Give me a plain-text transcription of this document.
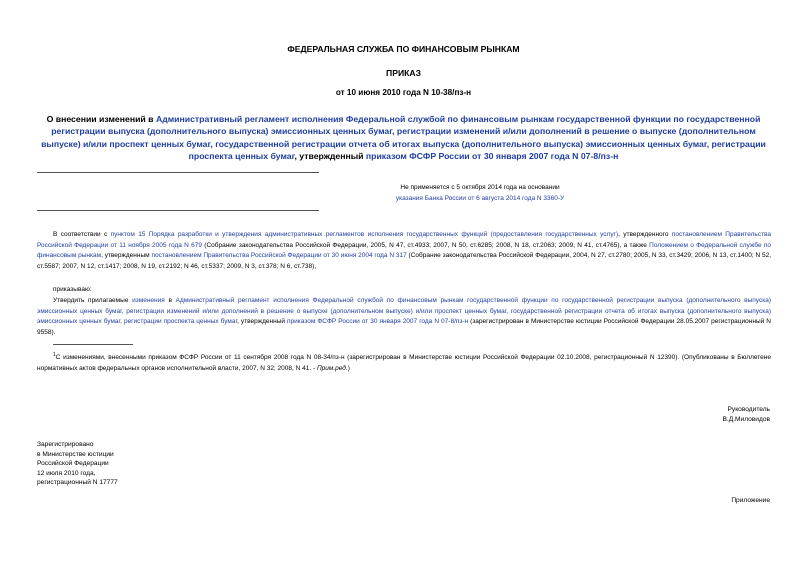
ФЕДЕРАЛЬНАЯ СЛУЖБА ПО ФИНАНСОВЫМ РЫНКАМ
ПРИКАЗ
от 10 июня 2010 года N 10-38/пз-н
О внесении изменений в Административный регламент исполнения Федеральной службой по финансовым рынкам государственной функции по государственной регистрации выпуска (дополнительного выпуска) эмиссионных ценных бумаг, регистрации изменений и/или дополнений в решение о выпуске (дополнительном выпуске) и/или проспект ценных бумаг, государственной регистрации отчета об итогах выпуска (дополнительного выпуска) эмиссионных ценных бумаг, регистрации проспекта ценных бумаг, утвержденный приказом ФСФР России от 30 января 2007 года N 07-8/пз-н
Не применяется с 5 октября 2014 года на основании
указания Банка России от 6 августа 2014 года N 3360-У
В соответствии с пунктом 15 Порядка разработки и утверждения административных регламентов исполнения государственных функций (предоставления государственных услуг), утвержденного постановлением Правительства Российской Федерации от 11 ноября 2005 года N 679 (Собрание законодательства Российской Федерации, 2005, N 47, ст.4933; 2007, N 50, ст.6285; 2008, N 18, ст.2063; 2009, N 41, ст.4765), а также Положением о Федеральной службе по финансовым рынкам, утвержденным постановлением Правительства Российской Федерации от 30 июня 2004 года N 317 (Собрание законодательства Российской Федерации, 2004, N 27, ст.2780; 2005, N 33, ст.3429; 2006, N 13, ст.1400; N 52, ст.5587; 2007, N 12, ст.1417; 2008, N 19, ст.2192; N 46, ст.5337; 2009, N 3, ст.378; N 6, ст.738),
приказываю:
Утвердить прилагаемые изменения в Административный регламент исполнения Федеральной службой по финансовым рынкам государственной функции по государственной регистрации выпуска (дополнительного выпуска) эмиссионных ценных бумаг, регистрации изменений и/или дополнений в решение о выпуске (дополнительном выпуске) и/или проспект ценных бумаг, государственной регистрации отчета об итогах выпуска (дополнительного выпуска) эмиссионных ценных бумаг, регистрации проспекта ценных бумаг, утвержденный приказом ФСФР России от 30 января 2007 года N 07-8/пз-н (зарегистрирован в Министерстве юстиции Российской Федерации 28.05.2007 регистрационный N 9558).
$^1$С изменениями, внесенными приказом ФСФР России от 11 сентября 2008 года N 08-34/пз-н (зарегистрирован в Министерстве юстиции Российской Федерации 02.10.2008, регистрационный N 12390). (Опубликованы в Бюллетене нормативных актов федеральных органов исполнительной власти, 2007, N 32; 2008, N 41. - Прим.ред.)
Руководитель
В.Д.Миловидов
Зарегистрировано
в Министерстве юстиции
Российской Федерации
12 июля 2010 года,
регистрационный N 17777
Приложение
